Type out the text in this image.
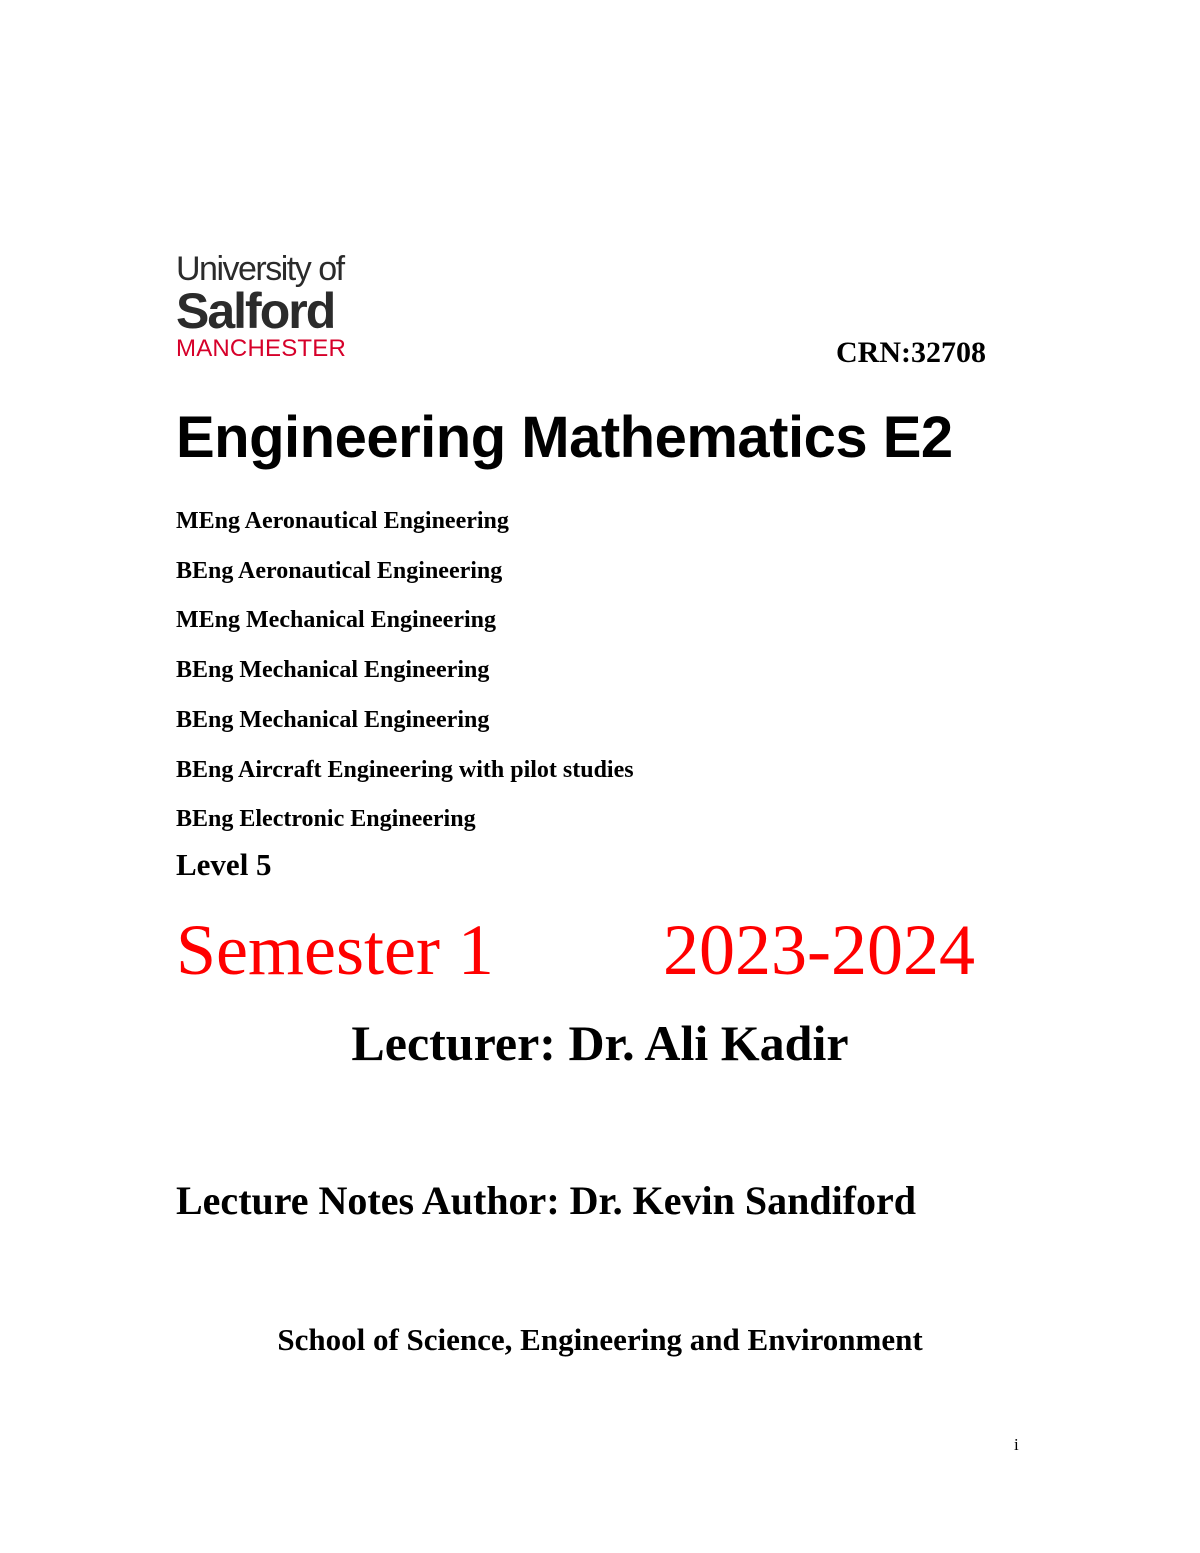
University of
Salford
MANCHESTER	CRN:32708
Engineering Mathematics E2
MEng Aeronautical Engineering
BEng Aeronautical Engineering
MEng Mechanical Engineering
BEng Mechanical Engineering
BEng Mechanical Engineering
BEng Aircraft Engineering with pilot studies
BEng Electronic Engineering
Level 5
Semester 1 2023-2024
Lecturer: Dr. Ali Kadir
Lecture Notes Author: Dr. Kevin Sandiford
School of Science, Engineering and Environment
i
